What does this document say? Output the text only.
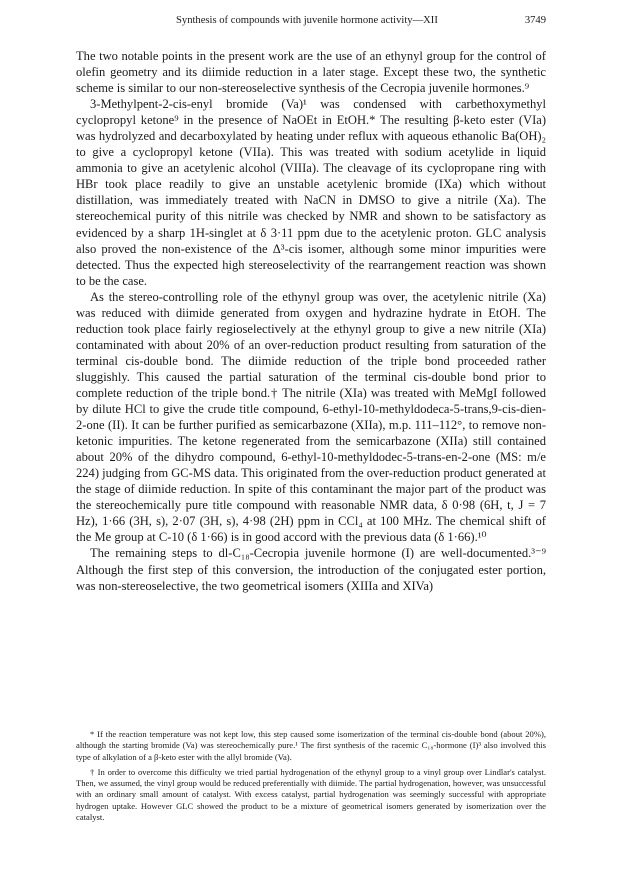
Synthesis of compounds with juvenile hormone activity—XII	3749

The two notable points in the present work are the use of an ethynyl group for the control of olefin geometry and its diimide reduction in a later stage. Except these two, the synthetic scheme is similar to our non-stereoselective synthesis of the Cecropia juvenile hormones.⁹

3-Methylpent-2-cis-enyl bromide (Va)¹ was condensed with carbethoxymethyl cyclopropyl ketone⁹ in the presence of NaOEt in EtOH.* The resulting β-keto ester (VIa) was hydrolyzed and decarboxylated by heating under reflux with aqueous ethanolic Ba(OH)₂ to give a cyclopropyl ketone (VIIa). This was treated with sodium acetylide in liquid ammonia to give an acetylenic alcohol (VIIIa). The cleavage of its cyclopropane ring with HBr took place readily to give an unstable acetylenic bromide (IXa) which without distillation, was immediately treated with NaCN in DMSO to give a nitrile (Xa). The stereochemical purity of this nitrile was checked by NMR and shown to be satisfactory as evidenced by a sharp 1H-singlet at δ 3·11 ppm due to the acetylenic proton. GLC analysis also proved the non-existence of the Δ³-cis isomer, although some minor impurities were detected. Thus the expected high stereoselectivity of the rearrangement reaction was shown to be the case.

As the stereo-controlling role of the ethynyl group was over, the acetylenic nitrile (Xa) was reduced with diimide generated from oxygen and hydrazine hydrate in EtOH. The reduction took place fairly regioselectively at the ethynyl group to give a new nitrile (XIa) contaminated with about 20% of an over-reduction product resulting from saturation of the terminal cis-double bond. The diimide reduction of the triple bond proceeded rather sluggishly. This caused the partial saturation of the terminal cis-double bond prior to complete reduction of the triple bond.† The nitrile (XIa) was treated with MeMgI followed by dilute HCl to give the crude title compound, 6-ethyl-10-methyldodeca-5-trans,9-cis-dien-2-one (II). It can be further purified as semicarbazone (XIIa), m.p. 111–112°, to remove non-ketonic impurities. The ketone regenerated from the semicarbazone (XIIa) still contained about 20% of the dihydro compound, 6-ethyl-10-methyldodec-5-trans-en-2-one (MS: m/e 224) judging from GC-MS data. This originated from the over-reduction product generated at the stage of diimide reduction. In spite of this contaminant the major part of the product was the stereochemically pure title compound with reasonable NMR data, δ 0·98 (6H, t, J = 7 Hz), 1·66 (3H, s), 2·07 (3H, s), 4·98 (2H) ppm in CCl₄ at 100 MHz. The chemical shift of the Me group at C-10 (δ 1·66) is in good accord with the previous data (δ 1·66).¹⁰

The remaining steps to dl-C₁₈-Cecropia juvenile hormone (I) are well-documented.³⁻⁹ Although the first step of this conversion, the introduction of the conjugated ester portion, was non-stereoselective, the two geometrical isomers (XIIIa and XIVa)

* If the reaction temperature was not kept low, this step caused some isomerization of the terminal cis-double bond (about 20%), although the starting bromide (Va) was stereochemically pure.¹ The first synthesis of the racemic C₁₈-hormone (I)³ also involved this type of alkylation of a β-keto ester with the allyl bromide (Va).

† In order to overcome this difficulty we tried partial hydrogenation of the ethynyl group to a vinyl group over Lindlar's catalyst. Then, we assumed, the vinyl group would be reduced preferentially with diimide. The partial hydrogenation, however, was unsuccessful with an ordinary small amount of catalyst. With excess catalyst, partial hydrogenation was seemingly successful with appropriate hydrogen uptake. However GLC showed the product to be a mixture of geometrical isomers generated by isomerization over the catalyst.
